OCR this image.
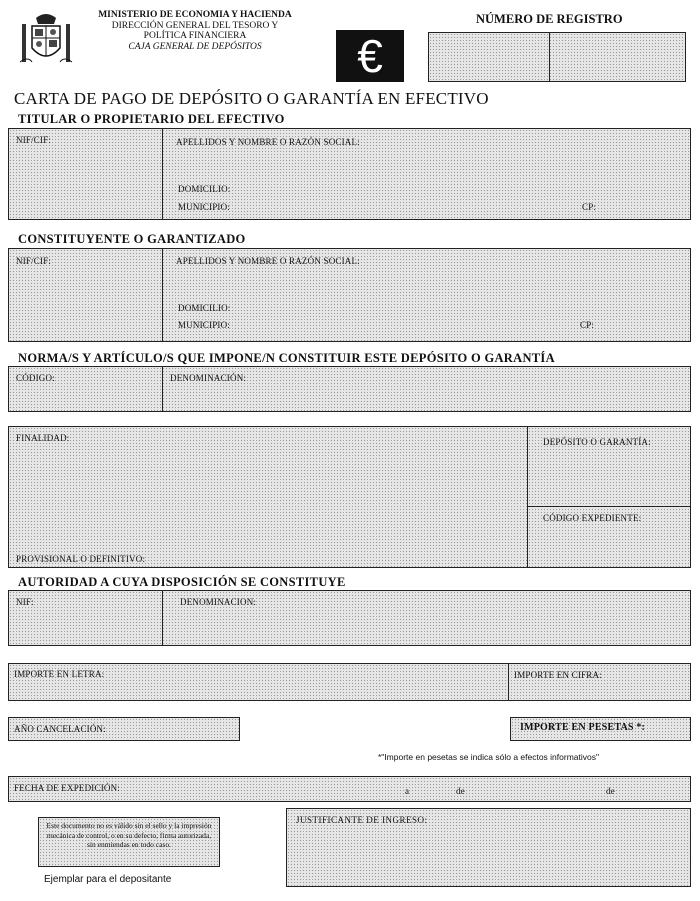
MINISTERIO DE ECONOMIA Y HACIENDA
DIRECCIÓN GENERAL DEL TESORO Y
POLÍTICA FINANCIERA
CAJA GENERAL DE DEPÓSITOS	€
NÚMERO DE REGISTRO
CARTA DE PAGO DE DEPÓSITO O GARANTÍA EN EFECTIVO
TITULAR O PROPIETARIO DEL EFECTIVO
NIF/CIF:	APELLIDOS Y NOMBRE O RAZÓN SOCIAL:
DOMICILIO:
MUNICIPIO:	CP:
CONSTITUYENTE O GARANTIZADO
NIF/CIF:	APELLIDOS Y NOMBRE O RAZÓN SOCIAL:
DOMICILIO:
MUNICIPIO:	CP:
NORMA/S Y ARTÍCULO/S QUE IMPONE/N CONSTITUIR ESTE DEPÓSITO O GARANTÍA
CÓDIGO:	DENOMINACIÓN:
FINALIDAD:
PROVISIONAL O DEFINITIVO:
DEPÓSITO O GARANTÍA:
CÓDIGO EXPEDIENTE:
AUTORIDAD A CUYA DISPOSICIÓN SE CONSTITUYE
NIF:	DENOMINACION:
IMPORTE EN LETRA:	IMPORTE EN CIFRA:
AÑO CANCELACIÓN:	IMPORTE EN PESETAS *:
*"Importe en pesetas se indica sólo a efectos informativos"
FECHA DE EXPEDICIÓN:	a	de	de
Este documento no es válido sin el sello y la impresión mecánica de control, o en su defecto, firma autorizada, sin enmiendas en todo caso.
Ejemplar para el depositante
JUSTIFICANTE DE INGRESO:
